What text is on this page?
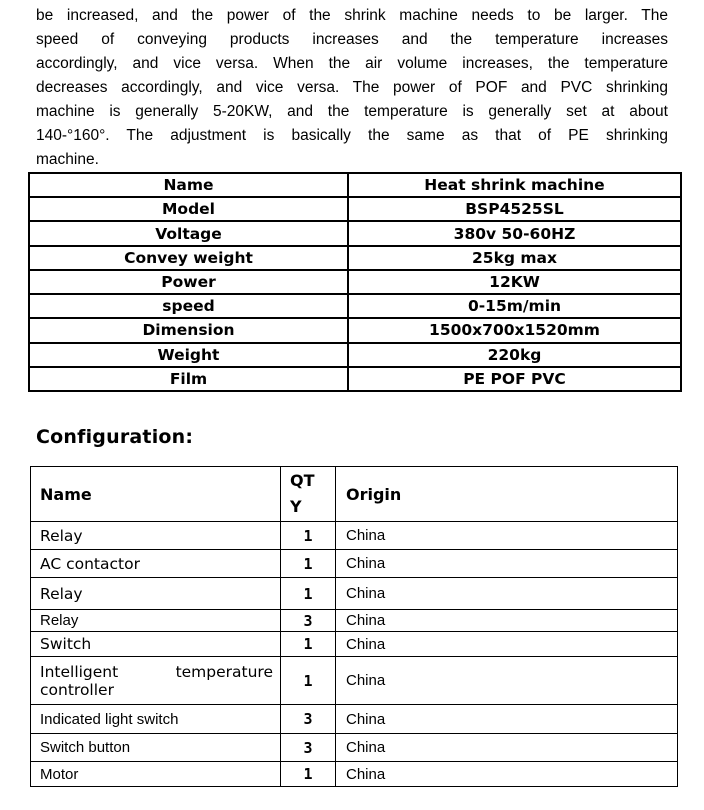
be increased, and the power of the shrink machine needs to be larger. The
speed of conveying products increases and the temperature increases
accordingly, and vice versa. When the air volume increases, the temperature
decreases accordingly, and vice versa. The power of POF and PVC shrinking
machine is generally 5-20KW, and the temperature is generally set at about
140-°160°. The adjustment is basically the same as that of PE shrinking
machine.
Name	Heat shrink machine
Model	BSP4525SL
Voltage	380v 50-60HZ
Convey weight	25kg max
Power	12KW
speed	0-15m/min
Dimension	1500x700x1520mm
Weight	220kg
Film	PE POF PVC
Configuration:
Name	QTY	Origin
Relay	1	China
AC contactor	1	China
Relay	1	China
Relay	3	China
Switch	1	China
Intelligent temperature controller	1	China
Indicated light switch	3	China
Switch button	3	China
Motor	1	China
